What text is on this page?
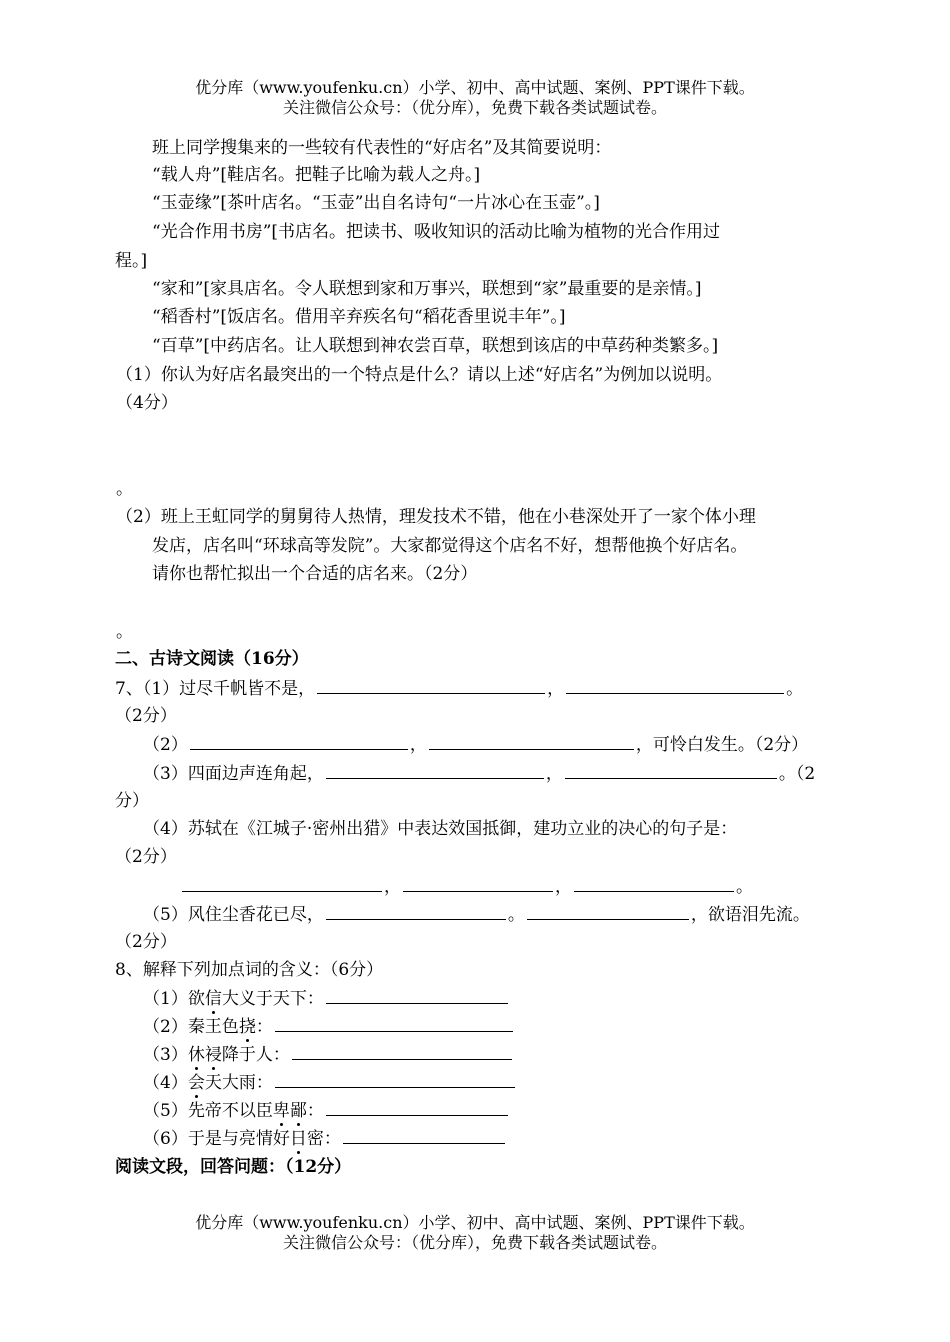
优分库（www.youfenku.cn）小学、初中、高中试题、案例、PPT课件下载。
关注微信公众号：（优分库），免费下载各类试题试卷。
班上同学搜集来的一些较有代表性的“好店名”及其简要说明：
“载人舟”[鞋店名。把鞋子比喻为载人之舟。]
“玉壶缘”[茶叶店名。“玉壶”出自名诗句“一片冰心在玉壶”。]
“光合作用书房”[书店名。把读书、吸收知识的活动比喻为植物的光合作用过
程。]
“家和”[家具店名。令人联想到家和万事兴，联想到“家”最重要的是亲情。]
“稻香村”[饭店名。借用辛弃疾名句“稻花香里说丰年”。]
“百草”[中药店名。让人联想到神农尝百草，联想到该店的中草药种类繁多。]
（1）你认为好店名最突出的一个特点是什么？请以上述“好店名”为例加以说明。
（4分）
。
（2）班上王虹同学的舅舅待人热情，理发技术不错，他在小巷深处开了一家个体小理
发店，店名叫“环球高等发院”。大家都觉得这个店名不好，想帮他换个好店名。
请你也帮忙拟出一个合适的店名来。（2分）
。
二、古诗文阅读（16分）
7、（1）过尽千帆皆不是，	，	。
（2分）
（2）	，	，可怜白发生。（2分）
（3）四面边声连角起，	，	。（2
分）
（4）苏轼在《江城子·密州出猎》中表达效国抵御，建功立业的决心的句子是：
（2分）
，	，	。
（5）风住尘香花已尽，	。	，欲语泪先流。
（2分）
8、解释下列加点词的含义：（6分）
（1）欲信大义于天下：
（2）秦王色挠：
（3）休祲降于人：
（4）会天大雨：
（5）先帝不以臣卑鄙：
（6）于是与亮情好日密：
阅读文段，回答问题：（12分）
优分库（www.youfenku.cn）小学、初中、高中试题、案例、PPT课件下载。
关注微信公众号：（优分库），免费下载各类试题试卷。
